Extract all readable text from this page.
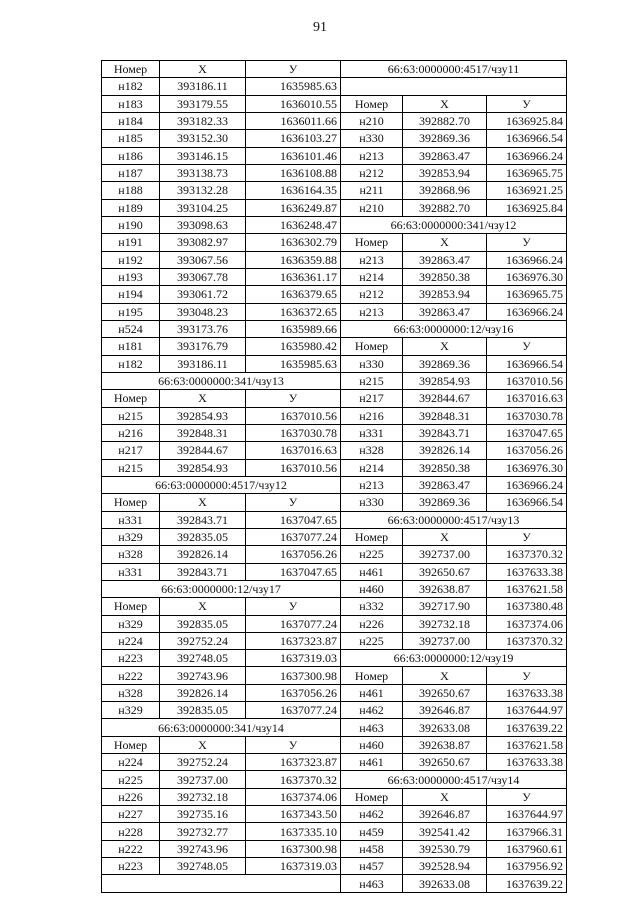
91
Номер	X	У	66:63:0000000:4517/чзу11		
н182	393186.11	1635985.63			
н183	393179.55	1636010.55	Номер	X	У
н184	393182.33	1636011.66	н210	392882.70	1636925.84
н185	393152.30	1636103.27	н330	392869.36	1636966.54
н186	393146.15	1636101.46	н213	392863.47	1636966.24
н187	393138.73	1636108.88	н212	392853.94	1636965.75
н188	393132.28	1636164.35	н211	392868.96	1636921.25
н189	393104.25	1636249.87	н210	392882.70	1636925.84
н190	393098.63	1636248.47	66:63:0000000:341/чзу12		
н191	393082.97	1636302.79	Номер	X	У
н192	393067.56	1636359.88	н213	392863.47	1636966.24
н193	393067.78	1636361.17	н214	392850.38	1636976.30
н194	393061.72	1636379.65	н212	392853.94	1636965.75
н195	393048.23	1636372.65	н213	392863.47	1636966.24
н524	393173.76	1635989.66	66:63:0000000:12/чзу16		
н181	393176.79	1635980.42	Номер	X	У
н182	393186.11	1635985.63	н330	392869.36	1636966.54
66:63:0000000:341/чзу13			н215	392854.93	1637010.56
Номер	X	У	н217	392844.67	1637016.63
н215	392854.93	1637010.56	н216	392848.31	1637030.78
н216	392848.31	1637030.78	н331	392843.71	1637047.65
н217	392844.67	1637016.63	н328	392826.14	1637056.26
н215	392854.93	1637010.56	н214	392850.38	1636976.30
66:63:0000000:4517/чзу12			н213	392863.47	1636966.24
Номер	X	У	н330	392869.36	1636966.54
н331	392843.71	1637047.65	66:63:0000000:4517/чзу13		
н329	392835.05	1637077.24	Номер	X	У
н328	392826.14	1637056.26	н225	392737.00	1637370.32
н331	392843.71	1637047.65	н461	392650.67	1637633.38
66:63:0000000:12/чзу17			н460	392638.87	1637621.58
Номер	X	У	н332	392717.90	1637380.48
н329	392835.05	1637077.24	н226	392732.18	1637374.06
н224	392752.24	1637323.87	н225	392737.00	1637370.32
н223	392748.05	1637319.03	66:63:0000000:12/чзу19		
н222	392743.96	1637300.98	Номер	X	У
н328	392826.14	1637056.26	н461	392650.67	1637633.38
н329	392835.05	1637077.24	н462	392646.87	1637644.97
66:63:0000000:341/чзу14			н463	392633.08	1637639.22
Номер	X	У	н460	392638.87	1637621.58
н224	392752.24	1637323.87	н461	392650.67	1637633.38
н225	392737.00	1637370.32	66:63:0000000:4517/чзу14		
н226	392732.18	1637374.06	Номер	X	У
н227	392735.16	1637343.50	н462	392646.87	1637644.97
н228	392732.77	1637335.10	н459	392541.42	1637966.31
н222	392743.96	1637300.98	н458	392530.79	1637960.61
н223	392748.05	1637319.03	н457	392528.94	1637956.92
			н463	392633.08	1637639.22
